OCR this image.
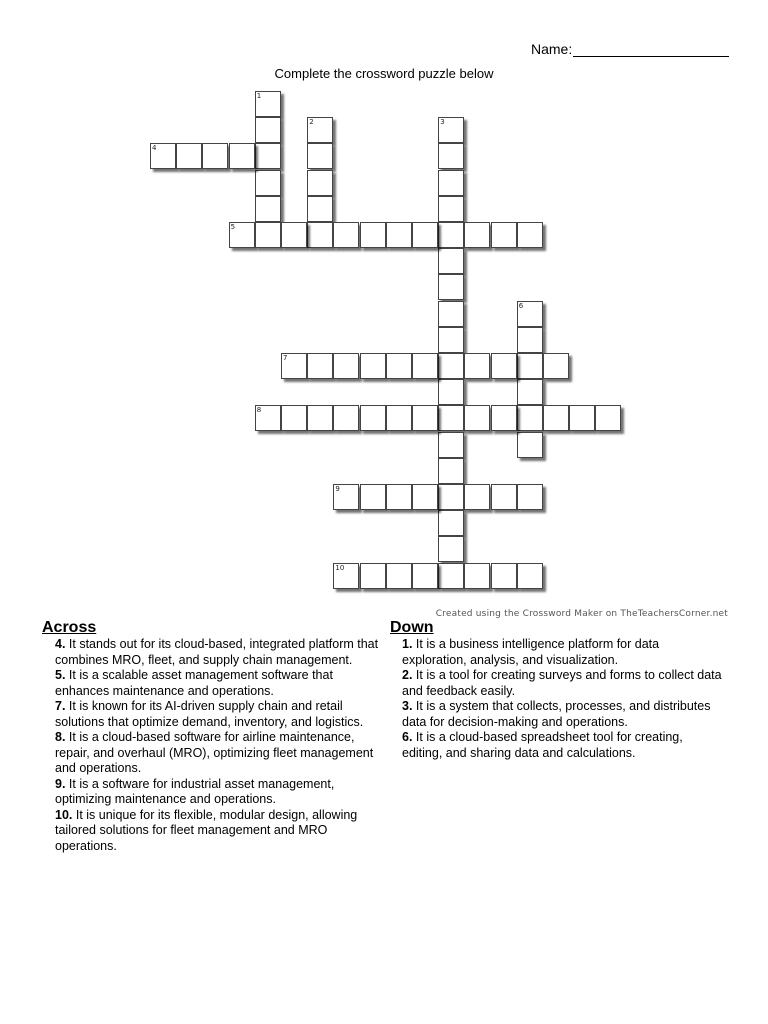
Name:
Complete the crossword puzzle below
1
2	3
4
5
6
7
8
9
10
Created using the Crossword Maker on TheTeachersCorner.net
Across
4. It stands out for its cloud-based, integrated platform that combines MRO, fleet, and supply chain management.
5. It is a scalable asset management software that enhances maintenance and operations.
7. It is known for its AI-driven supply chain and retail solutions that optimize demand, inventory, and logistics.
8. It is a cloud-based software for airline maintenance, repair, and overhaul (MRO), optimizing fleet management and operations.
9. It is a software for industrial asset management, optimizing maintenance and operations.
10. It is unique for its flexible, modular design, allowing tailored solutions for fleet management and MRO operations.
Down
1. It is a business intelligence platform for data exploration, analysis, and visualization.
2. It is a tool for creating surveys and forms to collect data and feedback easily.
3. It is a system that collects, processes, and distributes data for decision-making and operations.
6. It is a cloud-based spreadsheet tool for creating, editing, and sharing data and calculations.
